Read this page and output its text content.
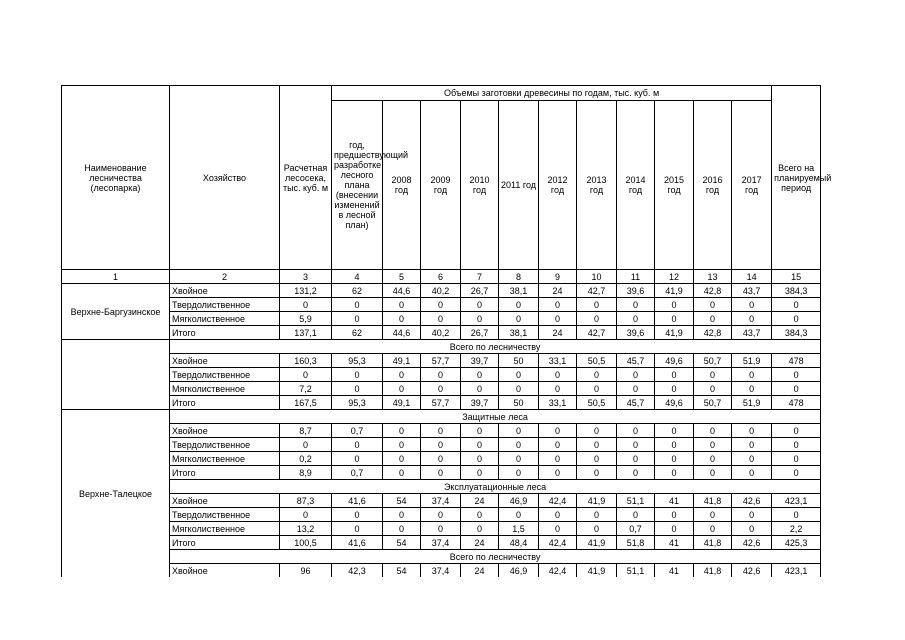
Наименование лесничества (лесопарка)	Хозяйство	Расчетная лесосека, тыс. куб. м	Объемы заготовки древесины по годам, тыс. куб. м											Всего на планируемый период
			год, предшествующий разработке лесного плана (внесении изменений в лесной план)	2008 год	2009 год	2010 год	2011 год	2012 год	2013 год	2014 год	2015 год	2016 год	2017 год	
1	2	3	4	5	6	7	8	9	10	11	12	13	14	15
Верхне-Баргузинское	Хвойное	131,2	62	44,6	40,2	26,7	38,1	24	42,7	39,6	41,9	42,8	43,7	384,3
	Твердолиственное	0	0	0	0	0	0	0	0	0	0	0	0	0
	Мягколиственное	5,9	0	0	0	0	0	0	0	0	0	0	0	0
	Итого	137,1	62	44,6	40,2	26,7	38,1	24	42,7	39,6	41,9	42,8	43,7	384,3
	Всего по лесничеству													
	Хвойное	160,3	95,3	49,1	57,7	39,7	50	33,1	50,5	45,7	49,6	50,7	51,9	478
	Твердолиственное	0	0	0	0	0	0	0	0	0	0	0	0	0
	Мягколиственное	7,2	0	0	0	0	0	0	0	0	0	0	0	0
	Итого	167,5	95,3	49,1	57,7	39,7	50	33,1	50,5	45,7	49,6	50,7	51,9	478
Верхне-Талецкое	Защитные леса													
	Хвойное	8,7	0,7	0	0	0	0	0	0	0	0	0	0	0
	Твердолиственное	0	0	0	0	0	0	0	0	0	0	0	0	0
	Мягколиственное	0,2	0	0	0	0	0	0	0	0	0	0	0	0
	Итого	8,9	0,7	0	0	0	0	0	0	0	0	0	0	0
	Эксплуатационные леса													
	Хвойное	87,3	41,6	54	37,4	24	46,9	42,4	41,9	51,1	41	41,8	42,6	423,1
	Твердолиственное	0	0	0	0	0	0	0	0	0	0	0	0	0
	Мягколиственное	13,2	0	0	0	0	1,5	0	0	0,7	0	0	0	2,2
	Итого	100,5	41,6	54	37,4	24	48,4	42,4	41,9	51,8	41	41,8	42,6	425,3
	Всего по лесничеству													
	Хвойное	96	42,3	54	37,4	24	46,9	42,4	41,9	51,1	41	41,8	42,6	423,1
